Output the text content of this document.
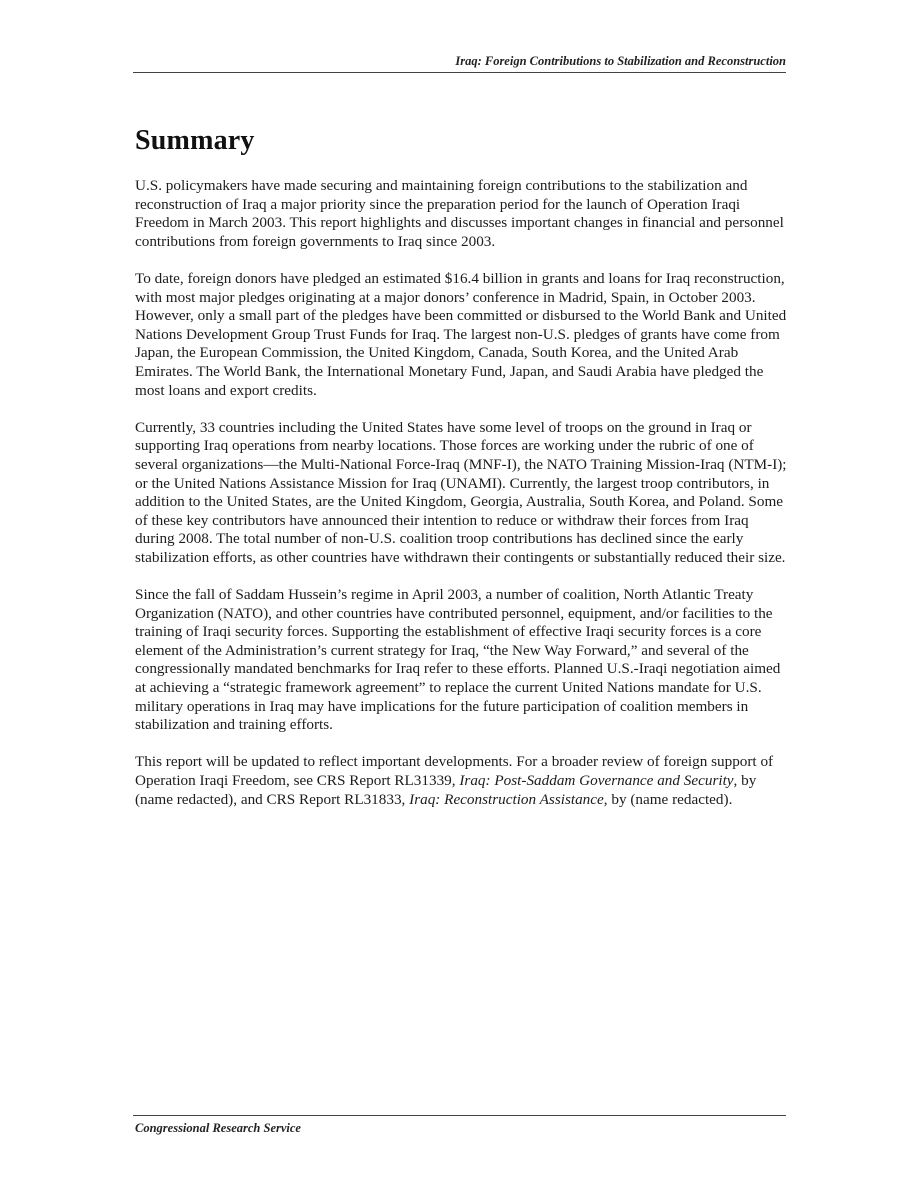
Iraq: Foreign Contributions to Stabilization and Reconstruction
Summary

U.S. policymakers have made securing and maintaining foreign contributions to the stabilization and reconstruction of Iraq a major priority since the preparation period for the launch of Operation Iraqi Freedom in March 2003. This report highlights and discusses important changes in financial and personnel contributions from foreign governments to Iraq since 2003.

To date, foreign donors have pledged an estimated $16.4 billion in grants and loans for Iraq reconstruction, with most major pledges originating at a major donors’ conference in Madrid, Spain, in October 2003. However, only a small part of the pledges have been committed or disbursed to the World Bank and United Nations Development Group Trust Funds for Iraq. The largest non-U.S. pledges of grants have come from Japan, the European Commission, the United Kingdom, Canada, South Korea, and the United Arab Emirates. The World Bank, the International Monetary Fund, Japan, and Saudi Arabia have pledged the most loans and export credits.

Currently, 33 countries including the United States have some level of troops on the ground in Iraq or supporting Iraq operations from nearby locations. Those forces are working under the rubric of one of several organizations—the Multi-National Force-Iraq (MNF-I), the NATO Training Mission-Iraq (NTM-I); or the United Nations Assistance Mission for Iraq (UNAMI). Currently, the largest troop contributors, in addition to the United States, are the United Kingdom, Georgia, Australia, South Korea, and Poland. Some of these key contributors have announced their intention to reduce or withdraw their forces from Iraq during 2008. The total number of non-U.S. coalition troop contributions has declined since the early stabilization efforts, as other countries have withdrawn their contingents or substantially reduced their size.

Since the fall of Saddam Hussein’s regime in April 2003, a number of coalition, North Atlantic Treaty Organization (NATO), and other countries have contributed personnel, equipment, and/or facilities to the training of Iraqi security forces. Supporting the establishment of effective Iraqi security forces is a core element of the Administration’s current strategy for Iraq, “the New Way Forward,” and several of the congressionally mandated benchmarks for Iraq refer to these efforts. Planned U.S.-Iraqi negotiation aimed at achieving a “strategic framework agreement” to replace the current United Nations mandate for U.S. military operations in Iraq may have implications for the future participation of coalition members in stabilization and training efforts.

This report will be updated to reflect important developments. For a broader review of foreign support of Operation Iraqi Freedom, see CRS Report RL31339, Iraq: Post-Saddam Governance and Security, by (name redacted), and CRS Report RL31833, Iraq: Reconstruction Assistance, by (name redacted).

Congressional Research Service
